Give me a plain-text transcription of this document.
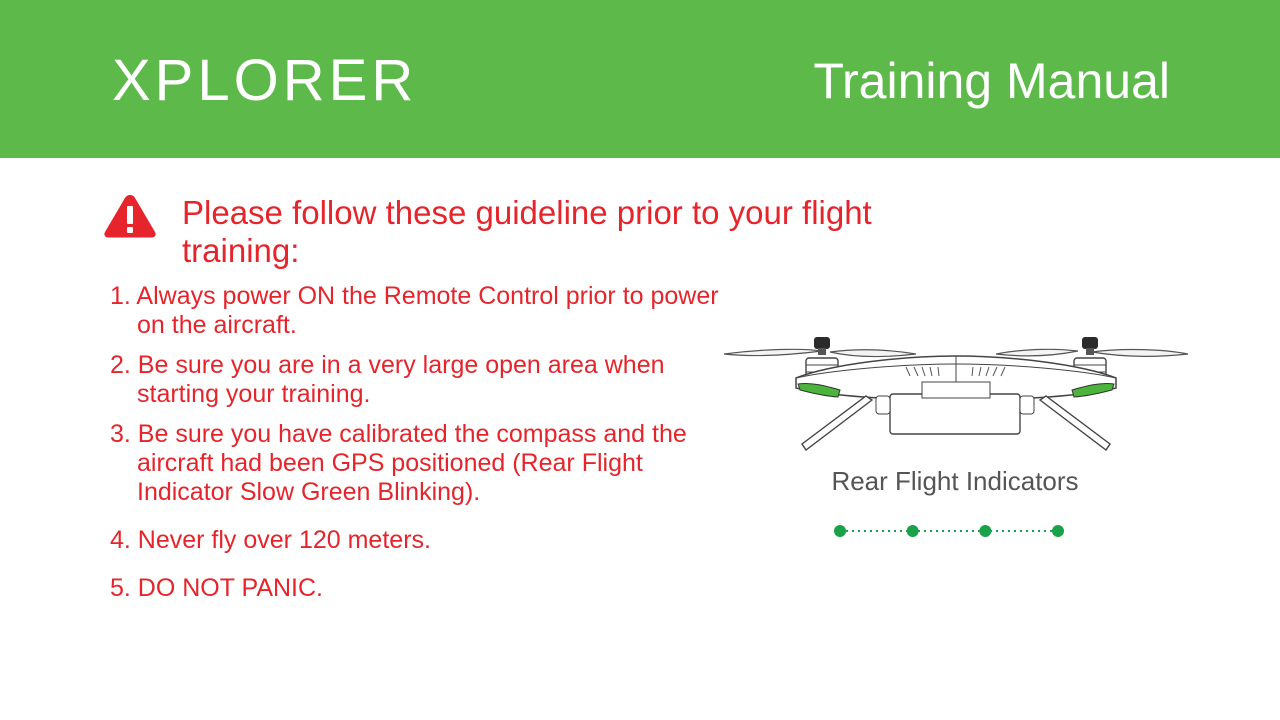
XPLORER	Training Manual
Please follow these guideline prior to your flight training:
1. Always power ON the Remote Control prior to power on the aircraft.
2. Be sure you are in a very large open area when starting your training.
3. Be sure you have calibrated the compass and the aircraft had been GPS positioned (Rear Flight Indicator Slow Green Blinking).
4. Never fly over 120 meters.
5. DO NOT PANIC.
Rear Flight Indicators
